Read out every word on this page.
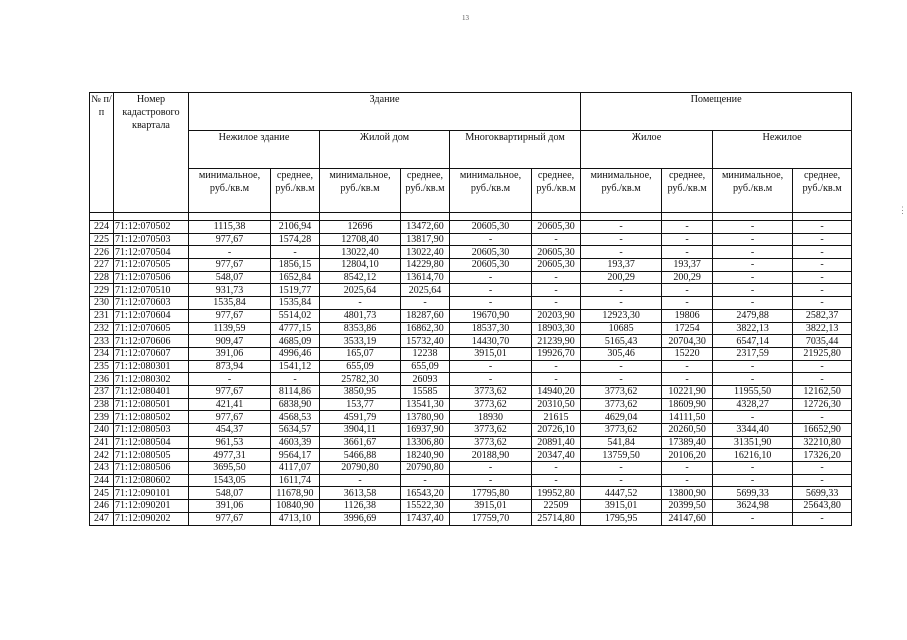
13
⋮
№ п/п	Номер кадастрового квартала	Здание						Помещение			
		Нежилое здание		Жилой дом		Многоквартирный дом		Жилое		Нежилое	

		минимальное, руб./кв.м	среднее, руб./кв.м	минимальное, руб./кв.м	среднее, руб./кв.м	минимальное, руб./кв.м	среднее, руб./кв.м	минимальное, руб./кв.м	среднее, руб./кв.м	минимальное, руб./кв.м	среднее, руб./кв.м

224	71:12:070502	1115,38	2106,94	12696	13472,60	20605,30	20605,30	-	-	-	-
225	71:12:070503	977,67	1574,28	12708,40	13817,90	-	-	-	-	-	-
226	71:12:070504	-	-	13022,40	13022,40	20605,30	20605,30	-	-	-	-
227	71:12:070505	977,67	1856,15	12804,10	14229,80	20605,30	20605,30	193,37	193,37	-	-
228	71:12:070506	548,07	1652,84	8542,12	13614,70	-	-	200,29	200,29	-	-
229	71:12:070510	931,73	1519,77	2025,64	2025,64	-	-	-	-	-	-
230	71:12:070603	1535,84	1535,84	-	-	-	-	-	-	-	-
231	71:12:070604	977,67	5514,02	4801,73	18287,60	19670,90	20203,90	12923,30	19806	2479,88	2582,37
232	71:12:070605	1139,59	4777,15	8353,86	16862,30	18537,30	18903,30	10685	17254	3822,13	3822,13
233	71:12:070606	909,47	4685,09	3533,19	15732,40	14430,70	21239,90	5165,43	20704,30	6547,14	7035,44
234	71:12:070607	391,06	4996,46	165,07	12238	3915,01	19926,70	305,46	15220	2317,59	21925,80
235	71:12:080301	873,94	1541,12	655,09	655,09	-	-	-	-	-	-
236	71:12:080302	-	-	25782,30	26093	-	-	-	-	-	-
237	71:12:080401	977,67	8114,86	3850,95	15585	3773,62	14940,20	3773,62	10221,90	11955,50	12162,50
238	71:12:080501	421,41	6838,90	153,77	13541,30	3773,62	20310,50	3773,62	18609,90	4328,27	12726,30
239	71:12:080502	977,67	4568,53	4591,79	13780,90	18930	21615	4629,04	14111,50	-	-
240	71:12:080503	454,37	5634,57	3904,11	16937,90	3773,62	20726,10	3773,62	20260,50	3344,40	16652,90
241	71:12:080504	961,53	4603,39	3661,67	13306,80	3773,62	20891,40	541,84	17389,40	31351,90	32210,80
242	71:12:080505	4977,31	9564,17	5466,88	18240,90	20188,90	20347,40	13759,50	20106,20	16216,10	17326,20
243	71:12:080506	3695,50	4117,07	20790,80	20790,80	-	-	-	-	-	-
244	71:12:080602	1543,05	1611,74	-	-	-	-	-	-	-	-
245	71:12:090101	548,07	11678,90	3613,58	16543,20	17795,80	19952,80	4447,52	13800,90	5699,33	5699,33
246	71:12:090201	391,06	10840,90	1126,38	15522,30	3915,01	22509	3915,01	20399,50	3624,98	25643,80
247	71:12:090202	977,67	4713,10	3996,69	17437,40	17759,70	25714,80	1795,95	24147,60	-	-
